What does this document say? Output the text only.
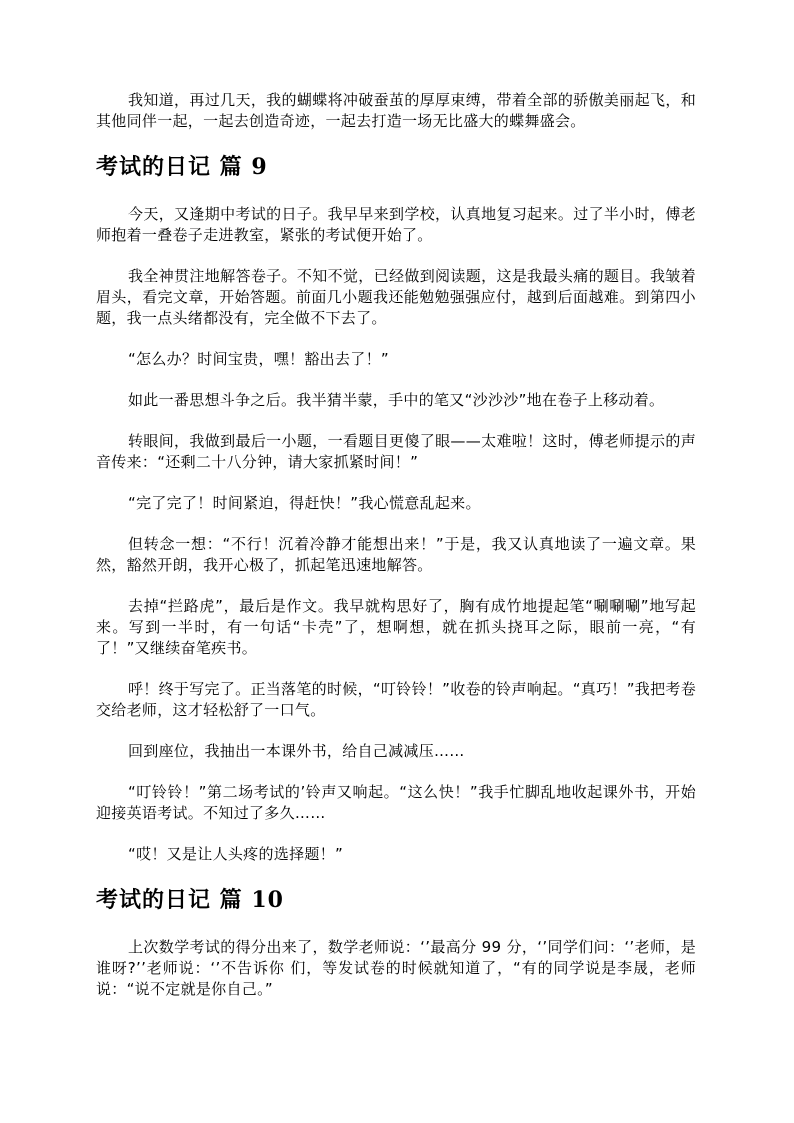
我知道，再过几天，我的蝴蝶将冲破蚕茧的厚厚束缚，带着全部的骄傲美丽起飞，和其他同伴一起，一起去创造奇迹，一起去打造一场无比盛大的蝶舞盛会。

考试的日记 篇 9

今天，又逢期中考试的日子。我早早来到学校，认真地复习起来。过了半小时，傅老师抱着一叠卷子走进教室，紧张的考试便开始了。

我全神贯注地解答卷子。不知不觉，已经做到阅读题，这是我最头痛的题目。我皱着眉头，看完文章，开始答题。前面几小题我还能勉勉强强应付，越到后面越难。到第四小题，我一点头绪都没有，完全做不下去了。

“怎么办？时间宝贵，嘿！豁出去了！”

如此一番思想斗争之后。我半猜半蒙，手中的笔又“沙沙沙”地在卷子上移动着。

转眼间，我做到最后一小题，一看题目更傻了眼——太难啦！这时，傅老师提示的声音传来：“还剩二十八分钟，请大家抓紧时间！”

“完了完了！时间紧迫，得赶快！”我心慌意乱起来。

但转念一想：“不行！沉着冷静才能想出来！”于是，我又认真地读了一遍文章。果然，豁然开朗，我开心极了，抓起笔迅速地解答。

去掉“拦路虎”，最后是作文。我早就构思好了，胸有成竹地提起笔“唰唰唰”地写起来。写到一半时，有一句话“卡壳”了，想啊想，就在抓头挠耳之际，眼前一亮，“有了！”又继续奋笔疾书。

呼！终于写完了。正当落笔的时候，“叮铃铃！”收卷的铃声响起。“真巧！”我把考卷交给老师，这才轻松舒了一口气。

回到座位，我抽出一本课外书，给自己减减压……

“叮铃铃！”第二场考试的’铃声又响起。“这么快！”我手忙脚乱地收起课外书，开始迎接英语考试。不知过了多久……

“哎！又是让人头疼的选择题！”

考试的日记 篇 10

上次数学考试的得分出来了，数学老师说：‘’最高分 99 分，‘’同学们问：‘’老师，是谁呀?’’老师说：‘’不告诉你 们，等发试卷的时候就知道了，“有的同学说是李晟，老师说：“说不定就是你自己。”
